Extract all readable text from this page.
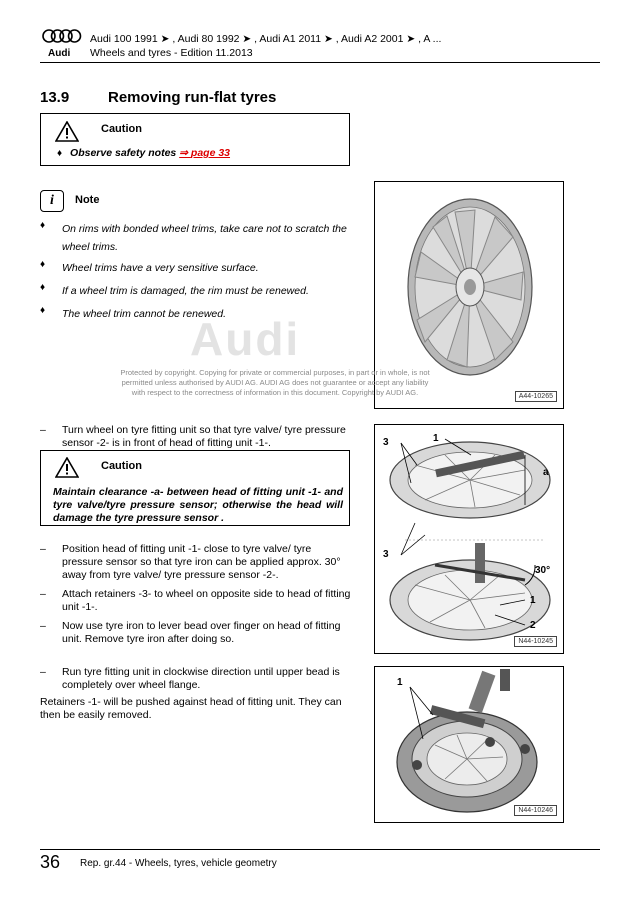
Audi
Audi 100 1991 ➤ , Audi 80 1992 ➤ , Audi A1 2011 ➤ , Audi A2 2001 ➤ , A ...
Wheels and tyres - Edition 11.2013
13.9	Removing run-flat tyres
Caution
♦ Observe safety notes ⇒ page 33
i	Note
♦ On rims with bonded wheel trims, take care not to scratch the wheel trims.
♦ Wheel trims have a very sensitive surface.
♦ If a wheel trim is damaged, the rim must be renewed.
♦ The wheel trim cannot be renewed.
A44-10265
Audi
Protected by copyright. Copying for private or commercial purposes, in part or in whole, is not
permitted unless authorised by AUDI AG. AUDI AG does not guarantee or accept any liability
with respect to the correctness of information in this document. Copyright by AUDI AG.
–	Turn wheel on tyre fitting unit so that tyre valve/ tyre pressure sensor -2- is in front of head of fitting unit -1-.
Caution
Maintain clearance -a- between head of fitting unit -1- and tyre valve/tyre pressure sensor; otherwise the head will damage the tyre pressure sensor .
–	Position head of fitting unit -1- close to tyre valve/ tyre pressure sensor so that tyre iron can be applied approx. 30° away from tyre valve/ tyre pressure sensor -2-.
–	Attach retainers -3- to wheel on opposite side to head of fitting unit -1-.
–	Now use tyre iron to lever bead over finger on head of fitting unit. Remove tyre iron after doing so.
–	Run tyre fitting unit in clockwise direction until upper bead is completely over wheel flange.
Retainers -1- will be pushed against head of fitting unit. They can then be easily removed.
3	1
a
3
30°
1
2
N44-10245
1
N44-10246
36 Rep. gr.44 - Wheels, tyres, vehicle geometry
